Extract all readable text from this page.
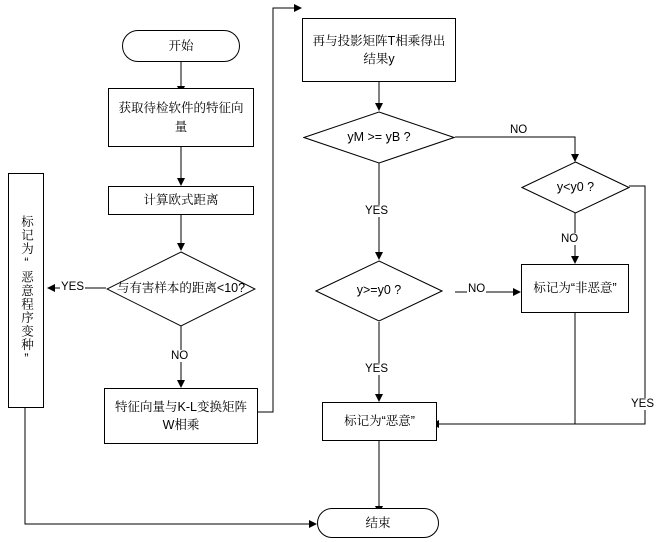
开始
获取待检软件的特征向量
计算欧式距离
与有害样本的距离<10?
特征向量与K-L变换矩阵W相乘
标记为“恶意程序变种”
再与投影矩阵T相乘得出结果y
yM >= yB ?
y<y0 ?
y>=y0 ?	标记为“非恶意”
标记为“恶意”
结束
YES
NO
NO
YES
NO
NO
YES
YES
